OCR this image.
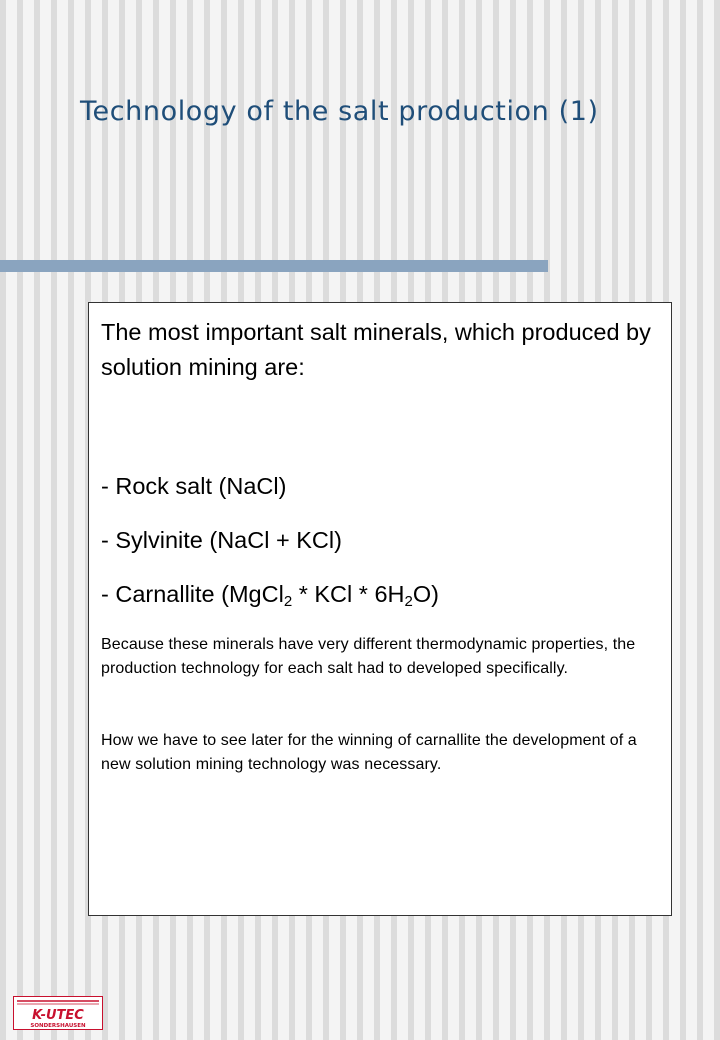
Technology of the salt production (1)

The most important salt minerals, which produced by solution mining are:

- Rock salt (NaCl)

- Sylvinite (NaCl + KCl)

- Carnallite (MgCl$_2$ * KCl * $6H_2O$)

Because these minerals have very different thermodynamic properties, the production technology for each salt had to developed specifically.

How we have to see later for the winning of carnallite the development of a new solution mining technology was necessary.

K-UTEC
SONDERSHAUSEN
